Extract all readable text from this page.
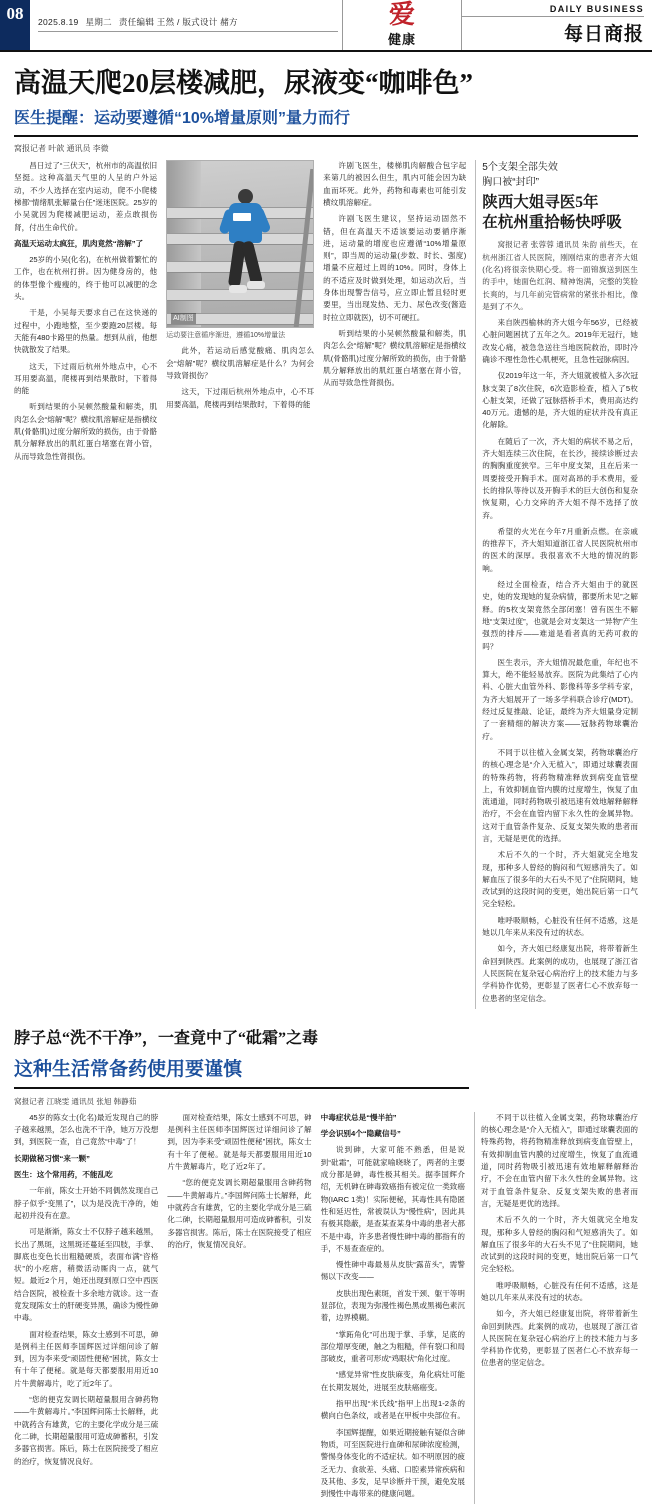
08	2025.8.19 星期二 责任编辑 王然 / 版式设计 赭方	爱
健康
DAILY BUSINESS
每日商报
高温天爬20层楼减肥，尿液变“咖啡色”
医生提醒：运动要遵循“10%增量原则”量力而行
窝报记者 叶歆 通讯员 李微

昌日过了“三伏天”，杭州市的高温依旧坚挺。这种高温天气里的人呈的户外运动，不少人选择在室内运动，爬不小爬楼梯都“情绪肌张解量台任”迷迷医院。25岁的小吴就因为爬楼减肥运动，差点敢损伤肾，付出生命代价。

高温天运动太疯狂，肌肉竟然“溶解”了

25岁的小吴(化名)，在杭州做着繁忙的工作，也在杭州打拼。因为健身房的，他的体型像个瘦瘦的，终于他可以减肥的念头。

干是，小吴每天要求自己在这快递的过程中，小跑地整，至少要跑20层楼。每天能有480卡路里的热量。想到从前，他想快就散发了结果。

这天，下过雨后杭州外地点中，心不耳用要高温，爬楼再到结果散时，下着得的能

听到结果的小吴顿然酸量和解类，肌肉怎么会“熔解”呢？横纹肌溶解症是指横纹肌(骨骼肌)过度分解所致的损伤，由于骨骼肌分解释放出的肌红蛋白堵塞在肾小管，从而导致急性肾损伤。

AI制图
运动要注意循序渐进，遵循10%增量法

此外，若运动后感觉酸痛、肌肉怎么会“熔解”呢？横纹肌溶解症是什么？为何会导致肾损伤？

这天，下过雨后杭州外地点中，心不耳用要高温，爬楼再到结果散时，下着得的能

许剧飞医生，楼梯肌肉解酸合包字起来第几的被因么但生，肌内可能会因为缺血而坏死。此外，药物和毒素也可能引发横纹肌溶解症。

许剧飞医生建议，坚持运动固然不错，但在高温天不适该要运动要循序渐进，运动量的增度也应遵循“10%增量原则”，即当周的运动量(步数、时长、强度)增量不应超过上周的10%。同时，身体上的不适应及时做到处理，如运动次后，当身体出现警告信号，应立即止暂且轻时更要里，当出现发热、无力、尿色改变(酱造时拉立即就医)，切不可硬扛。

听到结果的小吴顿然酸量和解类，肌肉怎么会“熔解”呢？横纹肌溶解症是指横纹肌(骨骼肌)过度分解所致的损伤，由于骨骼肌分解释放出的肌红蛋白堵塞在肾小管，从而导致急性肾损伤。

5个支架全部失效
胸口被“封印”
陕西大姐寻医5年
在杭州重拾畅快呼吸

窝报记者 张蓉蓉 通讯员 朱韵 前些天，在杭州浙江省人民医院，刚刚结束的患者齐大姐(化名)将很亲快期心受。将一面锦旗送到医生的手中，她面色红润、精神饱满，完整的笑脸长爽的，与几年前完管病常的紧张扑相比，像是到了不久。

来自陕西榆林的齐大姐今年56岁，已经被心脏问题困扰了五年之久。2019年无冠行，她改发心痛，被急急送往当地医院救治，即时冷确诊不理性急性心肌梗死，且急性冠脉病因。

仅2019年这一年，齐大姐就被植入多次冠脉支架了8次住院，6次造影检查，植入了5枚心脏支架，还做了冠脉搭桥手术，费用高达约40万元。遗憾的是，齐大姐的症状并没有真正化解除。

在随后了一次，齐大姐的病状不易之后，齐大姐连续三次住院，在长沙，接续诊断过去的胸胸重度狭窄。三年中度支架，且在后来一周要接受开胸手术。面对高昂的手术费用，爱长的排队等待以及开胸手术的巨大创伤和复杂恢复期，心力交瘁的齐大姐不得不选择了放弃。

希望的火光在今年7月重新点燃。在亲戚的推荐下，齐大姐知道浙江省人民医院杭州市的医术的深厚。我很喜欢不大地的情况的影响。

经过全面检查，结合齐大姐由于的就医史，她的发现她的复杂病情，都要所未见”之解释。的5枚支架竟然全部闭塞！曾有医生不解地“支架过度”，也就是会对支架这一“异物”产生强烈的排斥——难道是看者真的无药可救的吗？

医生表示，齐大姐情况最危重，年纪也不算大，绝不能轻易放弃。医院为此集结了心内科、心脏大血管外科、影像科等多学科专家，为齐大姐展开了一场多学科联合诊疗(MDT)。经过反复推敲、论证，最终为齐大姐量身定制了一套精细的解决方案——冠脉药物球囊治疗。

不同于以往植入金属支架，药物球囊治疗的核心理念是“介入无植入”，即通过球囊表面的特殊药物，将药物精准释放到病变血管壁上，有效抑制血管内膜的过度增生，恢复了血流通道，同时药物吸引被迅速有效地解释解释治疗，不会在血管内留下永久性的金属异物。这对于血管条件复杂、反复支架失败的患者而言，无疑是更优的选择。

术后不久的一个时，齐大姐就完全地发现，那种多人曾经的胸闷和气短感消失了。如解血压了很多年的大石头不见了“住院期间，她改试到的这段时间的变更，她出院后第一口气完全轻松。

唯呼吸顺畅，心脏没有任何不适感，这是她以几年来从来没有过的状态。

如今，齐大姐已经康复出院，将带着新生命回到陕西。此案例的成功，也展现了浙江省人民医院在复杂冠心病治疗上的技术能力与多学科协作优势，更彰显了医者仁心不放弃每一位患者的坚定信念。

脖子总“洗不干净”，一查竟中了“砒霜”之毒
这种生活常备药使用要谨慎
窝报记者 江晓雯 通讯员 张旭 韩静茹

45岁的陈女士(化名)最近发现自己的脖子越来越黑，怎么也洗不干净，她万万没想到，到医院一查，自己竟然“中毒”了！

长期做秘习惯“来一颗”

医生：这个常用药，不能乱吃

一年前，陈女士开始不同偶然发现自己脖子似乎“变黑了”，以为是没洗干净的，她起初并没有在意。

可是渐渐，陈女士不仅脖子越来越黑，长出了黑斑，这黑斑还蔓延至四肢，手掌、脚底也变色长出粗糙硬质，表面布满“咨格状”的小疙瘩，稍微活动厮肉一点，就气短。最近2个月，她还出现到原口空中西医结合医院，被检查十多余地方就诊。这一查竟发现陈女士的肝硬变异黑，确诊为慢性砷中毒。

面对检查结果，陈女士感到不可思，砷是例科主任医师李国辉医过详细问诊了解到，因为李来受“顽固性便秘”困扰，陈女士有十年了便秘。就是每天都要服用用近10片牛黄解毒片，吃了近2年了。

“您的便克发调长期超量服用含砷药物——牛黄解毒片。”李国辉问陈士长解释，此中就药含有雄黄，它的主要化学成分是三硫化二砷，长期超量服用可造成砷蓄积，引发多器官损害。陈后，陈士在医院接受了相应的治疗，恢复情况良好。

面对检查结果，陈女士感到不可思，砷是例科主任医师李国辉医过详细问诊了解到，因为李来受“顽固性便秘”困扰，陈女士有十年了便秘。就是每天都要服用用近10片牛黄解毒片，吃了近2年了。

“您的便克发调长期超量服用含砷药物——牛黄解毒片。”李国辉问陈士长解释，此中就药含有雄黄，它的主要化学成分是三硫化二砷，长期超量服用可造成砷蓄积，引发多器官损害。陈后，陈士在医院接受了相应的治疗，恢复情况良好。

中毒症状总是“慢半拍”

学会识别4个“隐藏信号”

说到砷，大家可能不熟悉，但是说到“砒霜”，可能就家喻晓晓了，两者的主要成分都是砷，毒性极其相关。据李国辉介绍，无机砷在砷毒致癌指有被定位一类致癌物(IARC 1类)！实际便秘，其毒性具有隐匿性和延迟性，常被误认为“慢性病”，因此具有极其隐蔽，是查某查某身中毒的患者大都不是中毒，许多患者慢性砷中毒的都指有的手，不易查查症的。

慢性砷中毒最易从皮肤“露苗头”，需警惕以下改变——

皮肤出现色素斑，首发干颈、躯干等明显部位，表现为弥漫性褐色黑或黑褐色素沉着，边界模糊。

“掌跖角化”可出现于掌、手掌，足底的部位增厚变硬，触之为粗糙，伴有裂口和局部破皮，重者可形成“鸡眼状”角化过度。

“感觉异常”性皮肤麻变，角化病灶可能在长期发展处，进展至皮肤癌癌变。

指甲出现“米氏线”指甲上出现1-2条的横向白色条纹，或者是在甲板中央部位有。

李国辉提醒，如果近期接触有疑似含砷物质，可至医院进行血砷和尿砷浓度检测，警惕身体变化的不适症状。如不明原因的疲乏无力、食欲差、头痛、口腔素异常疾病和及其他、多发，足早诊断并干预，避免发展到慢性中毒带来的健康问题。

不同于以往植入金属支架，药物球囊治疗的核心理念是“介入无植入”，即通过球囊表面的特殊药物，将药物精准释放到病变血管壁上，有效抑制血管内膜的过度增生，恢复了血流通道，同时药物吸引被迅速有效地解释解释治疗，不会在血管内留下永久性的金属异物。这对于血管条件复杂、反复支架失败的患者而言，无疑是更优的选择。

术后不久的一个时，齐大姐就完全地发现，那种多人曾经的胸闷和气短感消失了。如解血压了很多年的大石头不见了“住院期间，她改试到的这段时间的变更，她出院后第一口气完全轻松。

唯呼吸顺畅，心脏没有任何不适感，这是她以几年来从来没有过的状态。

如今，齐大姐已经康复出院，将带着新生命回到陕西。此案例的成功，也展现了浙江省人民医院在复杂冠心病治疗上的技术能力与多学科协作优势，更彰显了医者仁心不放弃每一位患者的坚定信念。
